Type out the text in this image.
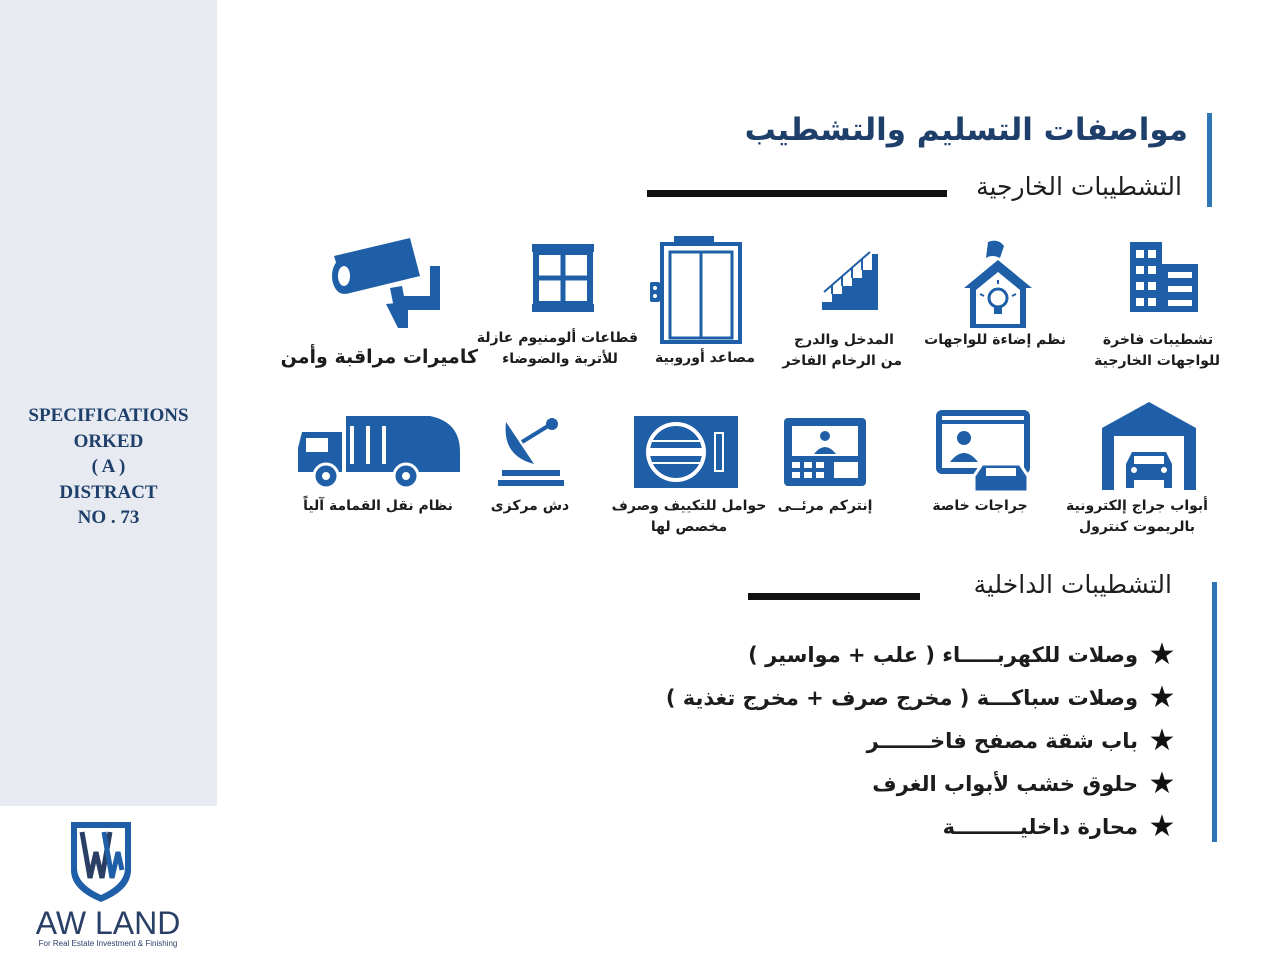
SPECIFICATIONS
ORKED
( A )
DISTRACT
NO . 73
AW LAND
For Real Estate Investment & Finishing
مواصفات التسليم والتشطيب
التشطيبات الخارجية
تشطيبات فاخرة
للواجهات الخارجية
نظم إضاءة للواجهات
المدخل والدرج
من الرخام الفاخر
مصاعد أوروبية
قطاعات ألومنيوم عازلة
للأتربة والضوضاء
كاميرات مراقبة وأمن
أبواب جراج إلكترونية
بالريموت كنترول
جراجات خاصة
إنتركم مرئــى
حوامل للتكييف وصرف
مخصص لها
دش مركزى
نظام نقل القمامة آلياً
التشطيبات الداخلية
★
وصلات للكهربـــــاء ( علب + مواسير )
★
وصلات سباكـــة ( مخرج صرف + مخرج تغذية )
★
باب شقة مصفح فاخـــــــر
★
حلوق خشب لأبواب الغرف
★
محارة داخليـــــــــة
